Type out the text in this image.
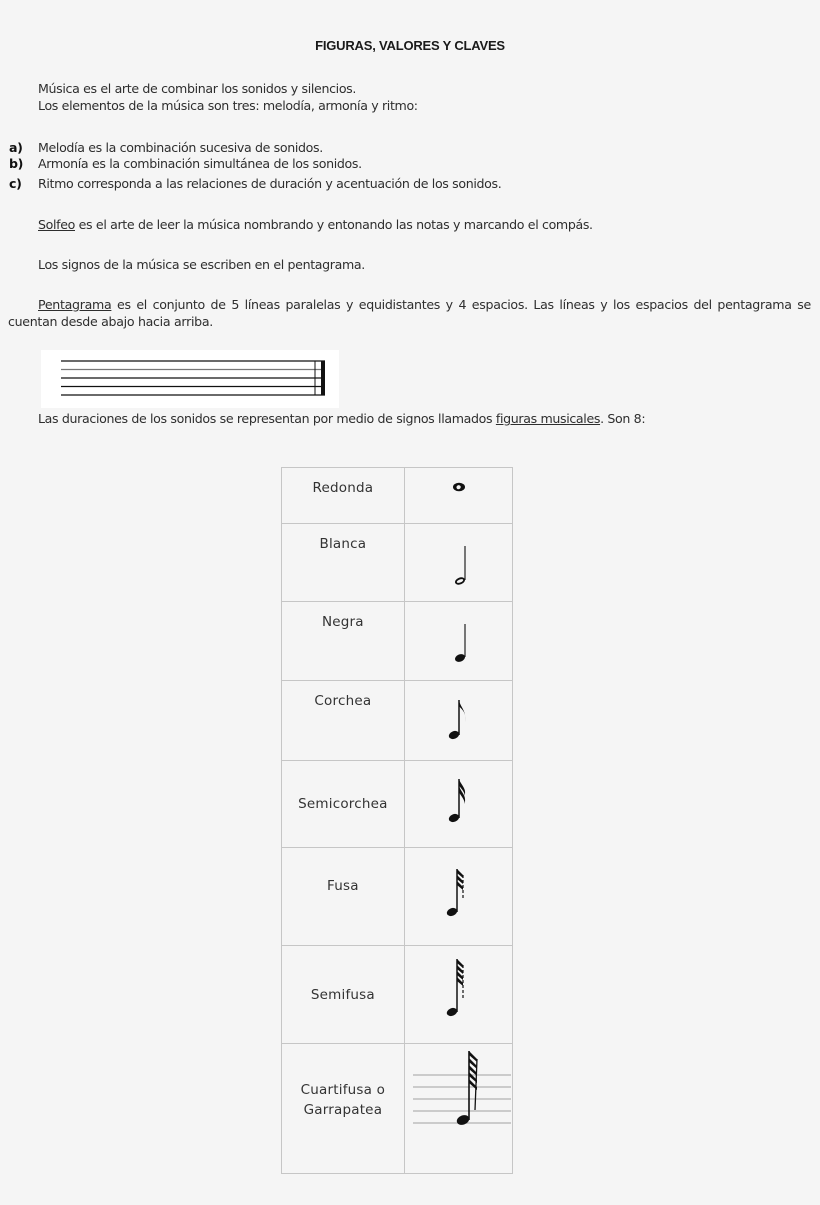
FIGURAS, VALORES Y CLAVES
Música es el arte de combinar los sonidos y silencios.
Los elementos de la música son tres: melodía, armonía y ritmo:
a) Melodía es la combinación sucesiva de sonidos.
b) Armonía es la combinación simultánea de los sonidos.
c) Ritmo corresponda a las relaciones de duración y acentuación de los sonidos.
Solfeo es el arte de leer la música nombrando y entonando las notas y marcando el compás.
Los signos de la música se escriben en el pentagrama.
Pentagrama es el conjunto de 5 líneas paralelas y equidistantes y 4 espacios. Las líneas y los espacios del pentagrama se cuentan desde abajo hacia arriba.
Las duraciones de los sonidos se representan por medio de signos llamados figuras musicales. Son 8:
Redonda	

Blanca	

Negra	

Corchea	

Semicorchea	

Fusa	

Semifusa	

Cuartifusa o
Garrapatea
